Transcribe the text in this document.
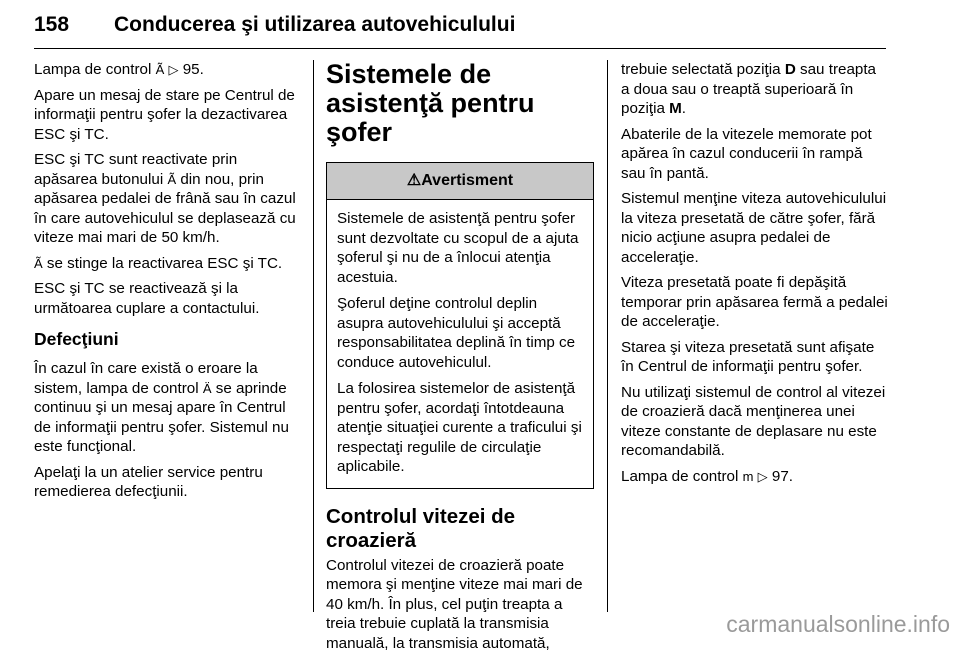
158 Conducerea şi utilizarea autovehiculului

Lampa de control Ã ▷ 95.

Apare un mesaj de stare pe Centrul de informaţii pentru şofer la dezactivarea ESC şi TC.

ESC şi TC sunt reactivate prin apăsarea butonului Ã din nou, prin apăsarea pedalei de frână sau în cazul în care autovehiculul se deplasează cu viteze mai mari de 50 km/h.

Ã se stinge la reactivarea ESC şi TC.

ESC şi TC se reactivează şi la următoarea cuplare a contactului.

Defecţiuni

În cazul în care există o eroare la sistem, lampa de control Ä se aprinde continuu şi un mesaj apare în Centrul de informaţii pentru şofer. Sistemul nu este funcţional.

Apelaţi la un atelier service pentru remedierea defecţiunii.

Sistemele de asistenţă pentru şofer
⚠Avertisment

Sistemele de asistenţă pentru şofer sunt dezvoltate cu scopul de a ajuta şoferul şi nu de a înlocui atenţia acestuia.

Şoferul deţine controlul deplin asupra autovehiculului şi acceptă responsabilitatea deplină în timp ce conduce autovehiculul.

La folosirea sistemelor de asistenţă pentru şofer, acordaţi întotdeauna atenţie situaţiei curente a traficului şi respectaţi regulile de circulaţie aplicabile.

Controlul vitezei de croazieră

Controlul vitezei de croazieră poate memora şi menţine viteze mai mari de 40 km/h. În plus, cel puţin treapta a treia trebuie cuplată la transmisia manuală, la transmisia automată,

trebuie selectată poziţia D sau treapta a doua sau o treaptă superioară în poziţia M.

Abaterile de la vitezele memorate pot apărea în cazul conducerii în rampă sau în pantă.

Sistemul menţine viteza autovehiculului la viteza presetată de către şofer, fără nicio acţiune asupra pedalei de acceleraţie.

Viteza presetată poate fi depăşită temporar prin apăsarea fermă a pedalei de acceleraţie.

Starea şi viteza presetată sunt afişate în Centrul de informaţii pentru şofer.

Nu utilizaţi sistemul de control al vitezei de croazieră dacă menţinerea unei viteze constante de deplasare nu este recomandabilă.

Lampa de control m ▷ 97.

carmanualsonline.info
